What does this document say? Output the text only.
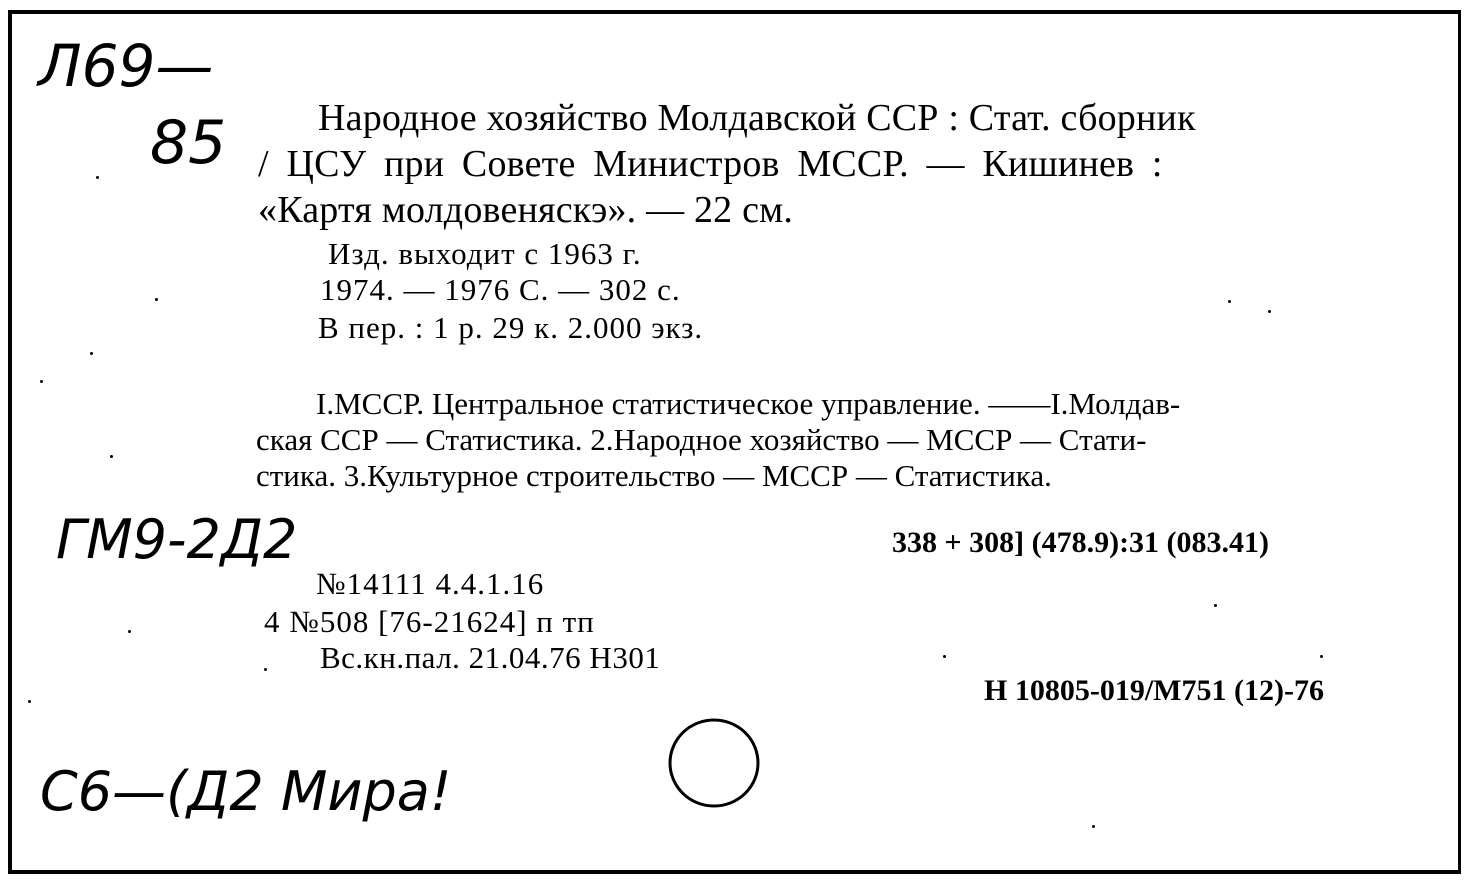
Л69—
85
ГМ9-2Д2
С6—(Д2 Мира!
Народное хозяйство Молдавской ССР : Стат. сборник
/ ЦСУ при Совете Министров МССР. — Кишинев :
«Картя молдовеняскэ». — 22 см.
Изд. выходит с 1963 г.
1974. — 1976 С. — 302 с.
В пер. : 1 р. 29 к. 2.000 экз.
I.МССР. Центральное статистическое управление. ——I.Молдав-
ская ССР — Статистика. 2.Народное хозяйство — МССР — Стати-
стика. 3.Культурное строительство — МССР — Статистика.
338 + 308] (478.9):31 (083.41)
№14111 4.4.1.16
4 №508 [76-21624] п тп
Вс.кн.пал. 21.04.76 Н301
Н 10805-019/М751 (12)-76
